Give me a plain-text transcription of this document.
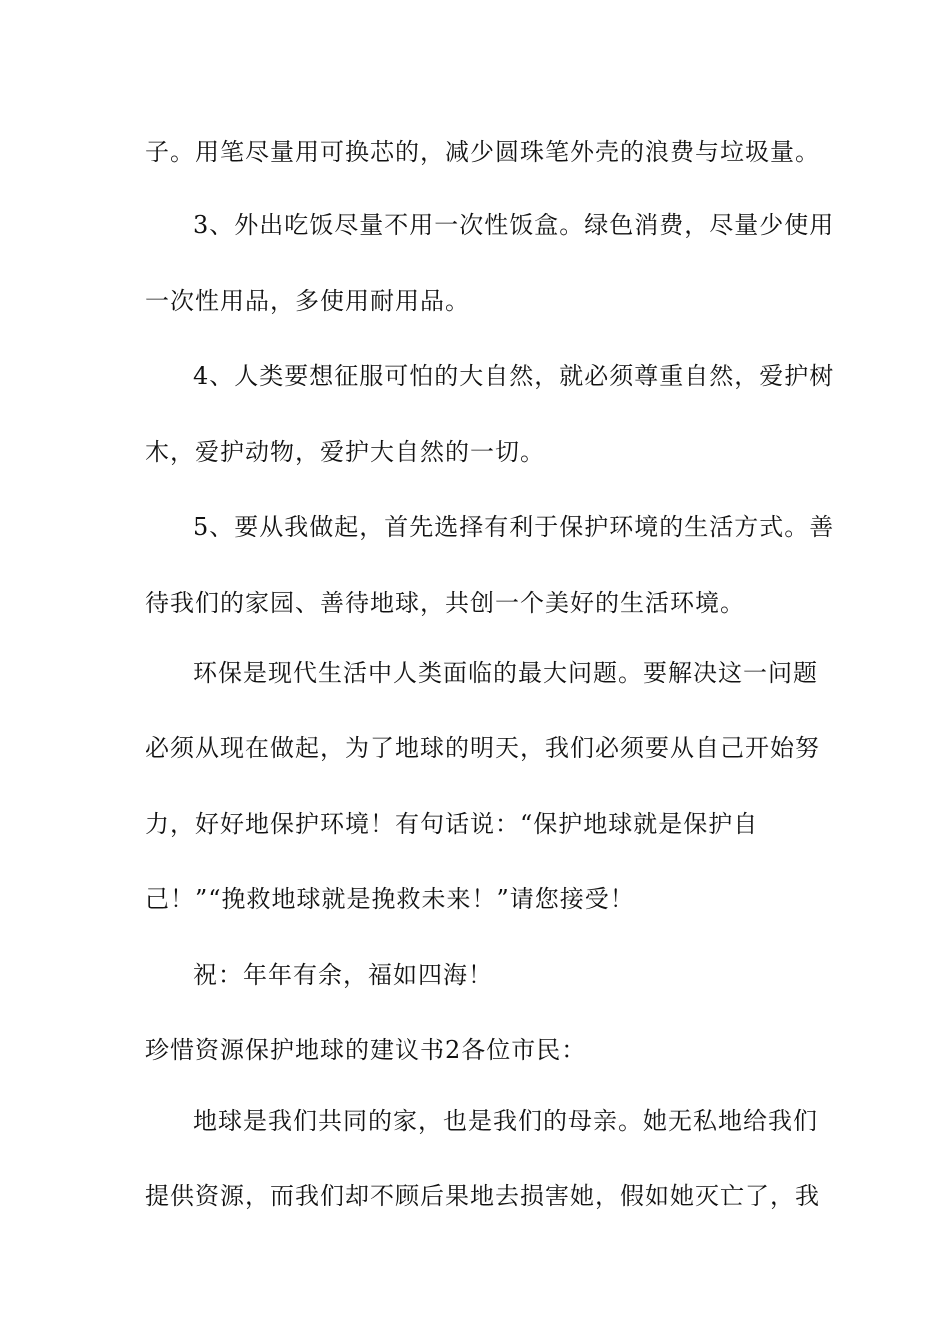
子。用笔尽量用可换芯的，减少圆珠笔外壳的浪费与垃圾量。
3、外出吃饭尽量不用一次性饭盒。绿色消费，尽量少使用
一次性用品，多使用耐用品。
4、人类要想征服可怕的大自然，就必须尊重自然，爱护树
木，爱护动物，爱护大自然的一切。
5、要从我做起，首先选择有利于保护环境的生活方式。善
待我们的家园、善待地球，共创一个美好的生活环境。
环保是现代生活中人类面临的最大问题。要解决这一问题
必须从现在做起，为了地球的明天，我们必须要从自己开始努
力，好好地保护环境！有句话说：“保护地球就是保护自
己！”“挽救地球就是挽救未来！”请您接受！
祝：年年有余，福如四海！
珍惜资源保护地球的建议书2各位市民：
地球是我们共同的家，也是我们的母亲。她无私地给我们
提供资源，而我们却不顾后果地去损害她，假如她灭亡了，我
